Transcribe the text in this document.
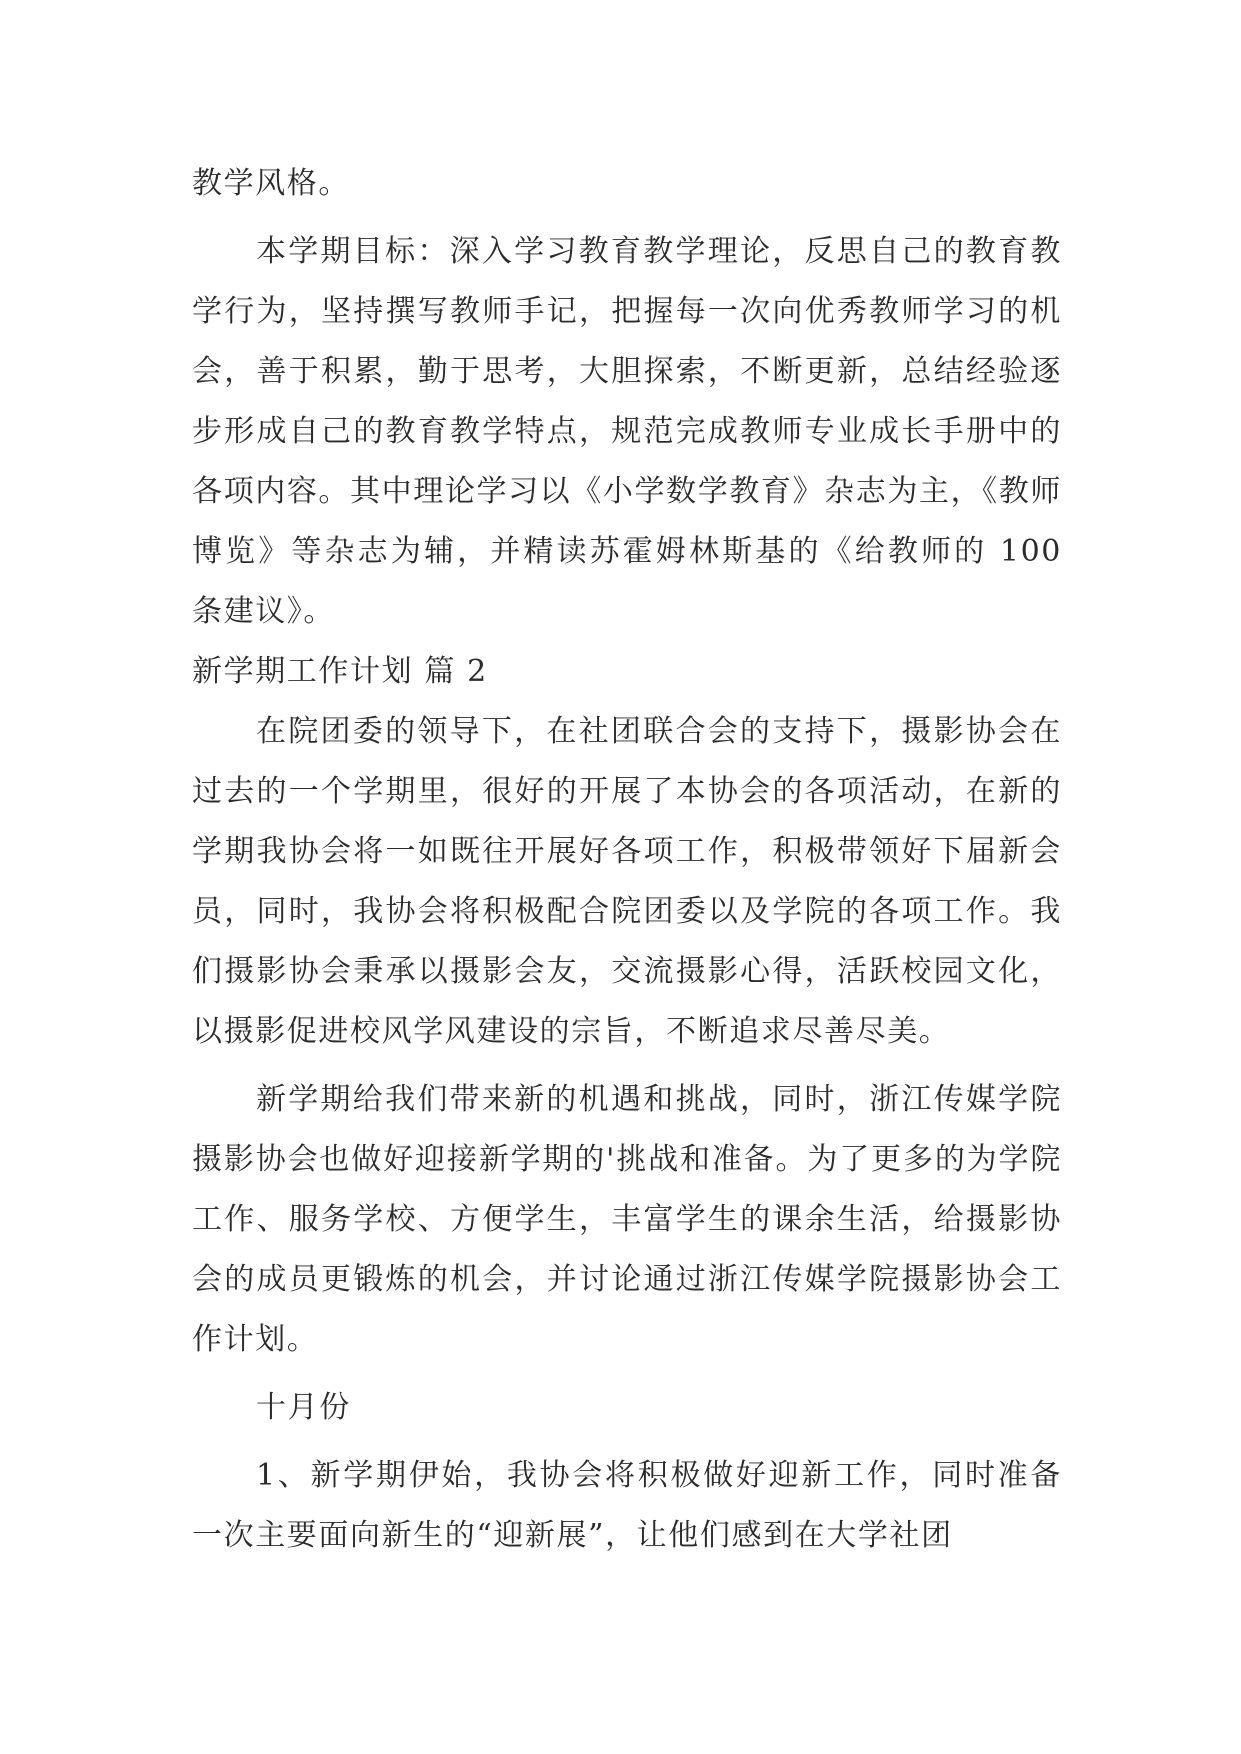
教学风格。

本学期目标：深入学习教育教学理论，反思自己的教育教学行为，坚持撰写教师手记，把握每一次向优秀教师学习的机会，善于积累，勤于思考，大胆探索，不断更新，总结经验逐步形成自己的教育教学特点，规范完成教师专业成长手册中的各项内容。其中理论学习以《小学数学教育》杂志为主，《教师博览》等杂志为辅，并精读苏霍姆林斯基的《给教师的 100 条建议》。

新学期工作计划 篇 2

在院团委的领导下，在社团联合会的支持下，摄影协会在过去的一个学期里，很好的开展了本协会的各项活动，在新的学期我协会将一如既往开展好各项工作，积极带领好下届新会员，同时，我协会将积极配合院团委以及学院的各项工作。我们摄影协会秉承以摄影会友，交流摄影心得，活跃校园文化，以摄影促进校风学风建设的宗旨，不断追求尽善尽美。

新学期给我们带来新的机遇和挑战，同时，浙江传媒学院摄影协会也做好迎接新学期的'挑战和准备。为了更多的为学院工作、服务学校、方便学生，丰富学生的课余生活，给摄影协会的成员更锻炼的机会，并讨论通过浙江传媒学院摄影协会工作计划。

十月份

1、新学期伊始，我协会将积极做好迎新工作，同时准备一次主要面向新生的“迎新展”，让他们感到在大学社团
